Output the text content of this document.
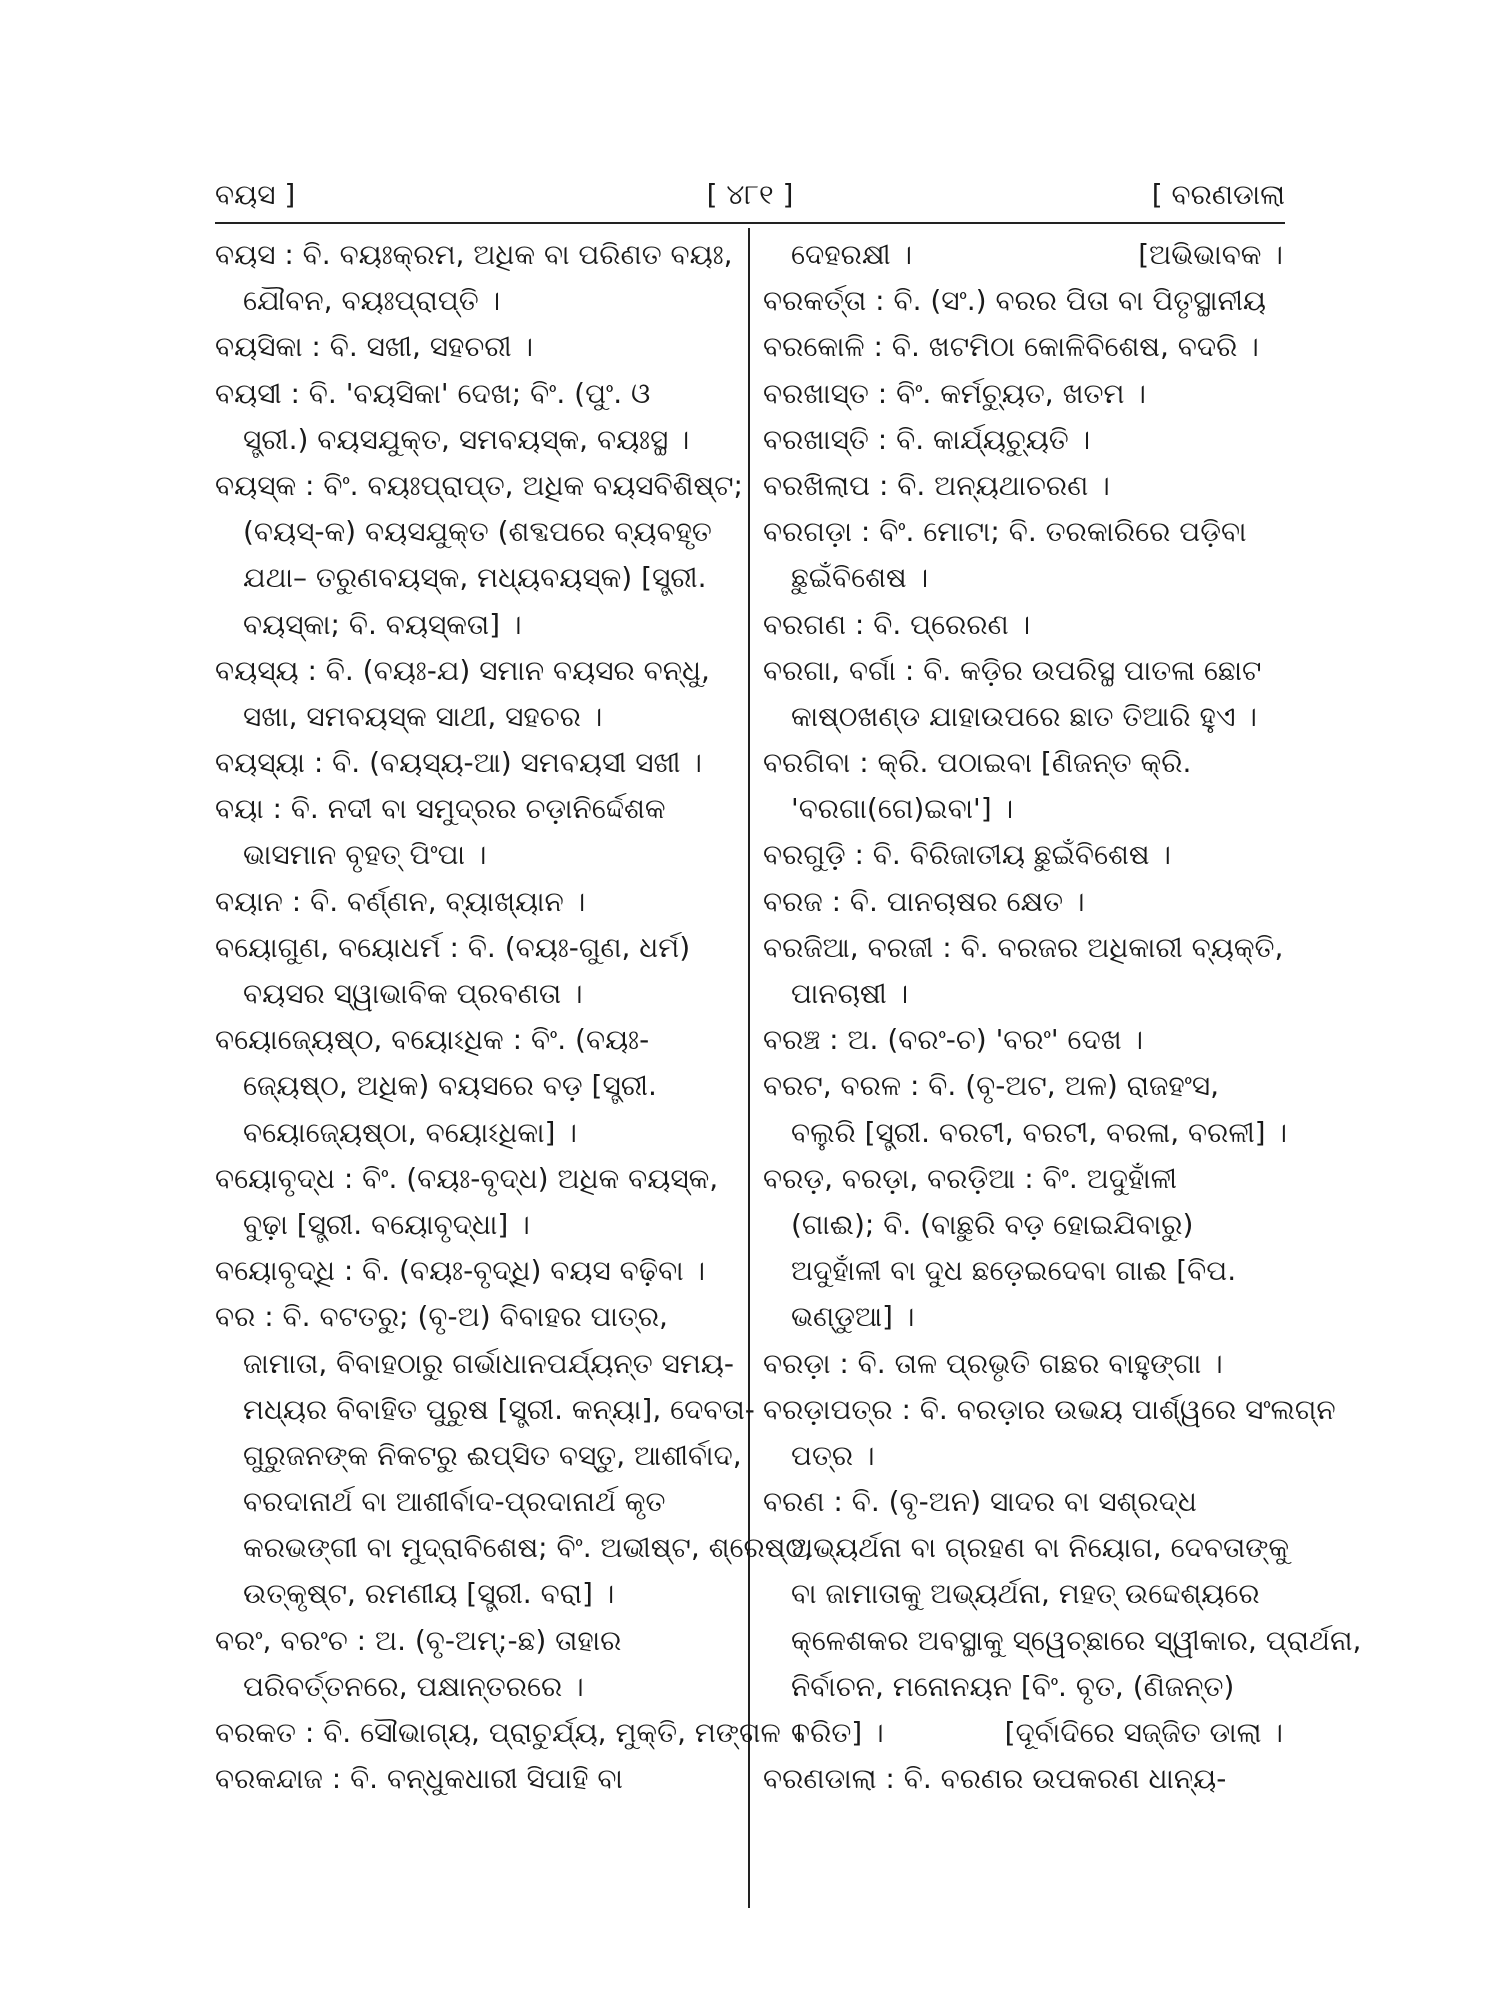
ବୟସ ]	[ ୪୮୧ ]	[ ବରଣଡାଲା
ବୟସ : ବି. ବୟଃକ୍ରମ, ଅଧିକ ବା ପରିଣତ ବୟଃ,
ଯୌବନ, ବୟଃପ୍ରାପ୍ତି ।
ବୟସିକା : ବି. ସଖୀ, ସହଚରୀ ।
ବୟସୀ : ବି. 'ବୟସିକା' ଦେଖ; ବିଂ. (ପୁଂ. ଓ
ସ୍ତ୍ରୀ.) ବୟସଯୁକ୍ତ, ସମବୟସ୍କ, ବୟଃସ୍ଥ ।
ବୟସ୍କ : ବିଂ. ବୟଃପ୍ରାପ୍ତ, ଅଧିକ ବୟସବିଶିଷ୍ଟ;
(ବୟସ୍-କ) ବୟସଯୁକ୍ତ (ଶବ୍ଦପରେ ବ୍ୟବହୃତ
ଯଥା– ତରୁଣବୟସ୍କ, ମଧ୍ୟବୟସ୍କ) [ସ୍ତ୍ରୀ.
ବୟସ୍କା; ବି. ବୟସ୍କତା] ।
ବୟସ୍ୟ : ବି. (ବୟଃ-ଯ) ସମାନ ବୟସର ବନ୍ଧୁ,
ସଖା, ସମବୟସ୍କ ସାଥୀ, ସହଚର ।
ବୟସ୍ୟା : ବି. (ବୟସ୍ୟ-ଆ) ସମବୟସୀ ସଖୀ ।
ବୟା : ବି. ନଦୀ ବା ସମୁଦ୍ରର ଚଡ଼ାନିର୍ଦ୍ଦେଶକ
ଭାସମାନ ବୃହତ୍ ପିଂପା ।
ବୟାନ : ବି. ବର୍ଣ୍ଣନ, ବ୍ୟାଖ୍ୟାନ ।
ବୟୋଗୁଣ, ବୟୋଧର୍ମ : ବି. (ବୟଃ-ଗୁଣ, ଧର୍ମ)
ବୟସର ସ୍ୱାଭାବିକ ପ୍ରବଣତା ।
ବୟୋଜ୍ୟେଷ୍ଠ, ବୟୋଽଧିକ : ବିଂ. (ବୟଃ-
ଜ୍ୟେଷ୍ଠ, ଅଧିକ) ବୟସରେ ବଡ଼ [ସ୍ତ୍ରୀ.
ବୟୋଜ୍ୟେଷ୍ଠା, ବୟୋଽଧିକା] ।
ବୟୋବୃଦ୍ଧ : ବିଂ. (ବୟଃ-ବୃଦ୍ଧ) ଅଧିକ ବୟସ୍କ,
ବୁଢ଼ା [ସ୍ତ୍ରୀ. ବୟୋବୃଦ୍ଧା] ।
ବୟୋବୃଦ୍ଧି : ବି. (ବୟଃ-ବୃଦ୍ଧି) ବୟସ ବଢ଼ିବା ।
ବର : ବି. ବଟତରୁ; (ବୃ-ଅ) ବିବାହର ପାତ୍ର,
ଜାମାତା, ବିବାହଠାରୁ ଗର୍ଭାଧାନପର୍ଯ୍ୟନ୍ତ ସମୟ-
ମଧ୍ୟର ବିବାହିତ ପୁରୁଷ [ସ୍ତ୍ରୀ. କନ୍ୟା], ଦେବତା-
ଗୁରୁଜନଙ୍କ ନିକଟରୁ ଈପ୍‌ସିତ ବସ୍ତୁ, ଆଶୀର୍ବାଦ,
ବରଦାନାର୍ଥ ବା ଆଶୀର୍ବାଦ-ପ୍ରଦାନାର୍ଥ କୃତ
କରଭଙ୍ଗୀ ବା ମୁଦ୍ରାବିଶେଷ; ବିଂ. ଅଭୀଷ୍ଟ, ଶ୍ରେଷ୍ଠ,
ଉତ୍କୃଷ୍ଟ, ରମଣୀୟ [ସ୍ତ୍ରୀ. ବରା] ।
ବରଂ, ବରଂଚ : ଅ. (ବୃ-ଅମ୍;-ଛ) ତାହାର
ପରିବର୍ତ୍ତନରେ, ପକ୍ଷାନ୍ତରରେ ।
ବରକତ : ବି. ସୌଭାଗ୍ୟ, ପ୍ରାଚୁର୍ଯ୍ୟ, ମୁକ୍ତି, ମଙ୍ଗଳ ।
ବରକନ୍ଦାଜ : ବି. ବନ୍ଧୁକଧାରୀ ସିପାହି ବା
[ଅଭିଭାବକ ।
ଦେହରକ୍ଷୀ ।
ବରକର୍ତ୍ତା : ବି. (ସଂ.) ବରର ପିତା ବା ପିତୃସ୍ଥାନୀୟ
ବରକୋଳି : ବି. ଖଟମିଠା କୋଳିବିଶେଷ, ବଦରି ।
ବରଖାସ୍ତ : ବିଂ. କର୍ମଚ୍ୟୁତ, ଖତମ ।
ବରଖାସ୍ତି : ବି. କାର୍ଯ୍ୟଚ୍ୟୁତି ।
ବରଖିଲାପ : ବି. ଅନ୍ୟଥାଚରଣ ।
ବରଗଡ଼ା : ବିଂ. ମୋଟା; ବି. ତରକାରିରେ ପଡ଼ିବା
ଛୁଇଁବିଶେଷ ।
ବରଗଣ : ବି. ପ୍ରେରଣ ।
ବରଗା, ବର୍ଗା : ବି. କଡ଼ିର ଉପରିସ୍ଥ ପାତଳା ଛୋଟ
କାଷ୍ଠଖଣ୍ଡ ଯାହାଉପରେ ଛାତ ତିଆରି ହୁଏ ।
ବରଗିବା : କ୍ରି. ପଠାଇବା [ଣିଜନ୍ତ କ୍ରି.
'ବରଗା(ଗେ)ଇବା'] ।
ବରଗୁଡ଼ି : ବି. ବିରିଜାତୀୟ ଛୁଇଁବିଶେଷ ।
ବରଜ : ବି. ପାନଚାଷର କ୍ଷେତ ।
ବରଜିଆ, ବରଜୀ : ବି. ବରଜର ଅଧିକାରୀ ବ୍ୟକ୍ତି,
ପାନଚାଷୀ ।
ବରଞ୍ଚ : ଅ. (ବରଂ-ଚ) 'ବରଂ' ଦେଖ ।
ବରଟ, ବରଳ : ବି. (ବୃ-ଅଟ, ଅଳ) ରାଜହଂସ,
ବଲୁରି [ସ୍ତ୍ରୀ. ବରଟୀ, ବରଟୀ, ବରଳା, ବରଳୀ] ।
ବରଡ଼, ବରଡ଼ା, ବରଡ଼ିଆ : ବିଂ. ଅଦୁହାଁଳୀ
(ଗାଈ); ବି. (ବାଛୁରି ବଡ଼ ହୋଇଯିବାରୁ)
ଅଦୁହାଁଳୀ ବା ଦୁଧ ଛଡ଼େଇଦେବା ଗାଈ [ବିପ.
ଭଣ୍ଡୁଆ] ।
ବରଡ଼ା : ବି. ତାଳ ପ୍ରଭୃତି ଗଛର ବାହୁଙ୍ଗା ।
ବରଡ଼ାପତ୍ର : ବି. ବରଡ଼ାର ଉଭୟ ପାର୍ଶ୍ୱରେ ସଂଲଗ୍ନ
ପତ୍ର ।
ବରଣ : ବି. (ବୃ-ଅନ) ସାଦର ବା ସଶ୍ରଦ୍ଧ
ଅଭ୍ୟର୍ଥନା ବା ଗ୍ରହଣ ବା ନିୟୋଗ, ଦେବତାଙ୍କୁ
ବା ଜାମାତାକୁ ଅଭ୍ୟର୍ଥନା, ମହତ୍ ଉଦ୍ଦେଶ୍ୟରେ
କ୍ଳେଶକର ଅବସ୍ଥାକୁ ସ୍ୱେଚ୍ଛାରେ ସ୍ୱୀକାର, ପ୍ରାର୍ଥନା,
ନିର୍ବାଚନ, ମନୋନୟନ [ବିଂ. ବୃତ, (ଣିଜନ୍ତ)
[ଦୂର୍ବାଦିରେ ସଜ୍ଜିତ ଡାଲା ।
ବରିତ] ।
ବରଣଡାଲା : ବି. ବରଣର ଉପକରଣ ଧାନ୍ୟ-
